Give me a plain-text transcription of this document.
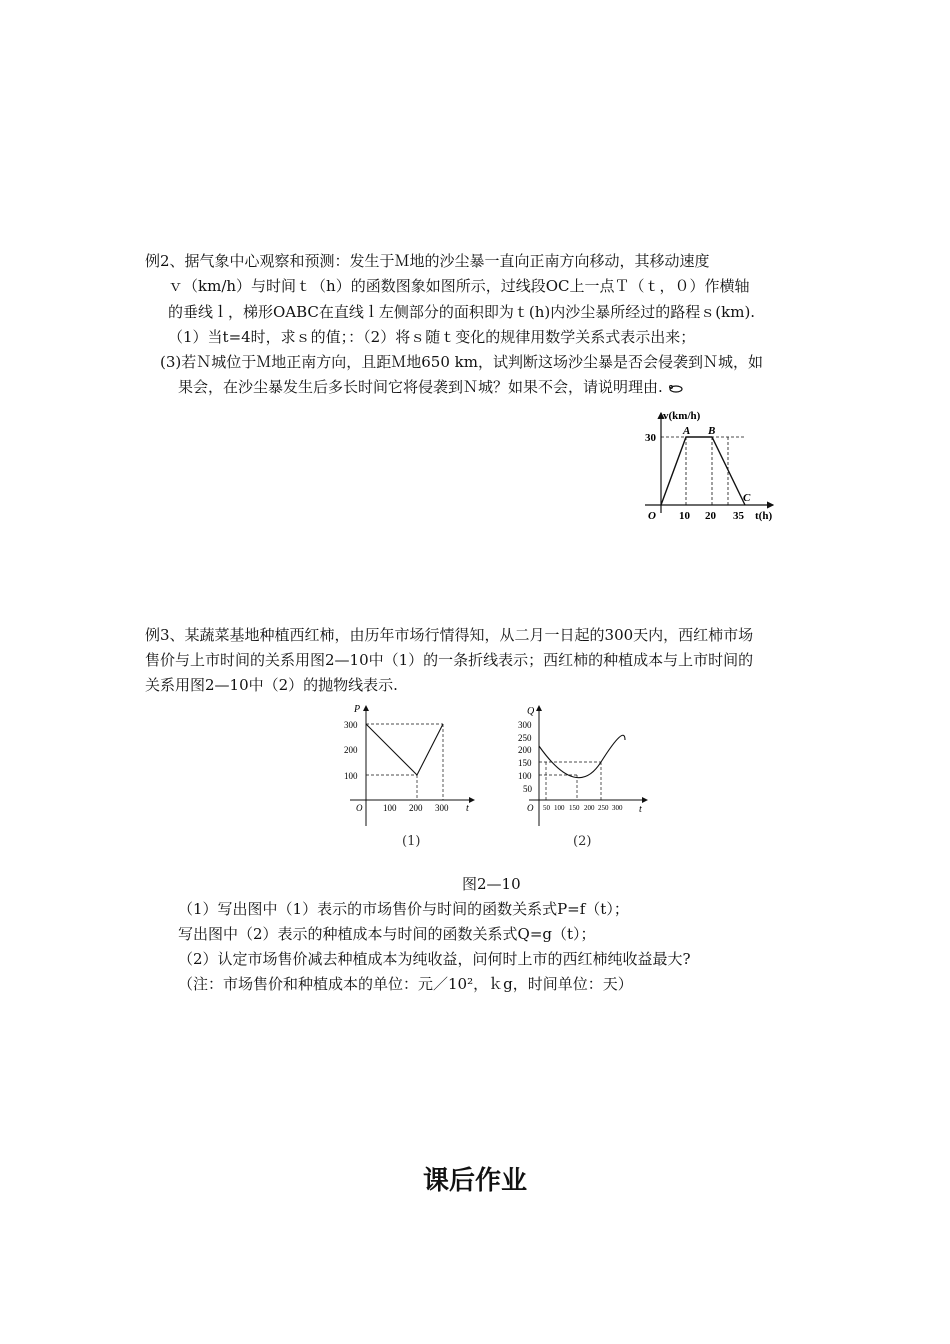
例2、据气象中心观察和预测：发生于Ｍ地的沙尘暴一直向正南方向移动，其移动速度
ｖ（km/h）与时间ｔ（h）的函数图象如图所示，过线段OC上一点Ｔ（ｔ，０）作横轴
的垂线ｌ，梯形OABC在直线ｌ左侧部分的面积即为ｔ(h)内沙尘暴所经过的路程ｓ(km).
（1）当t=4时，求ｓ的值；：（2）将ｓ随ｔ变化的规律用数学关系式表示出来；
(3)若Ｎ城位于Ｍ地正南方向，且距Ｍ地650 km，试判断这场沙尘暴是否会侵袭到Ｎ城，如
果会，在沙尘暴发生后多长时间它将侵袭到Ｎ城？如果不会，请说明理由.
v(km/h)
30
A B
C
O 10 20 35 t(h)
例3、某蔬菜基地种植西红柿，由历年市场行情得知，从二月一日起的300天内，西红柿市场
售价与上市时间的关系用图2—10中（1）的一条折线表示；西红柿的种植成本与上市时间的
关系用图2—10中（2）的抛物线表示.
P
300
200
100
O 100 200 300 t
(1)
Q
300
250
200
150
100
50
O 50 100 150 200 250 300 t
(2)
图2—10
（1）写出图中（1）表示的市场售价与时间的函数关系式P=f（t）；
写出图中（2）表示的种植成本与时间的函数关系式Q=g（t）；
（2）认定市场售价减去种植成本为纯收益，问何时上市的西红柿纯收益最大?
（注：市场售价和种植成本的单位：元／10²，ｋg，时间单位：天）
课后作业
